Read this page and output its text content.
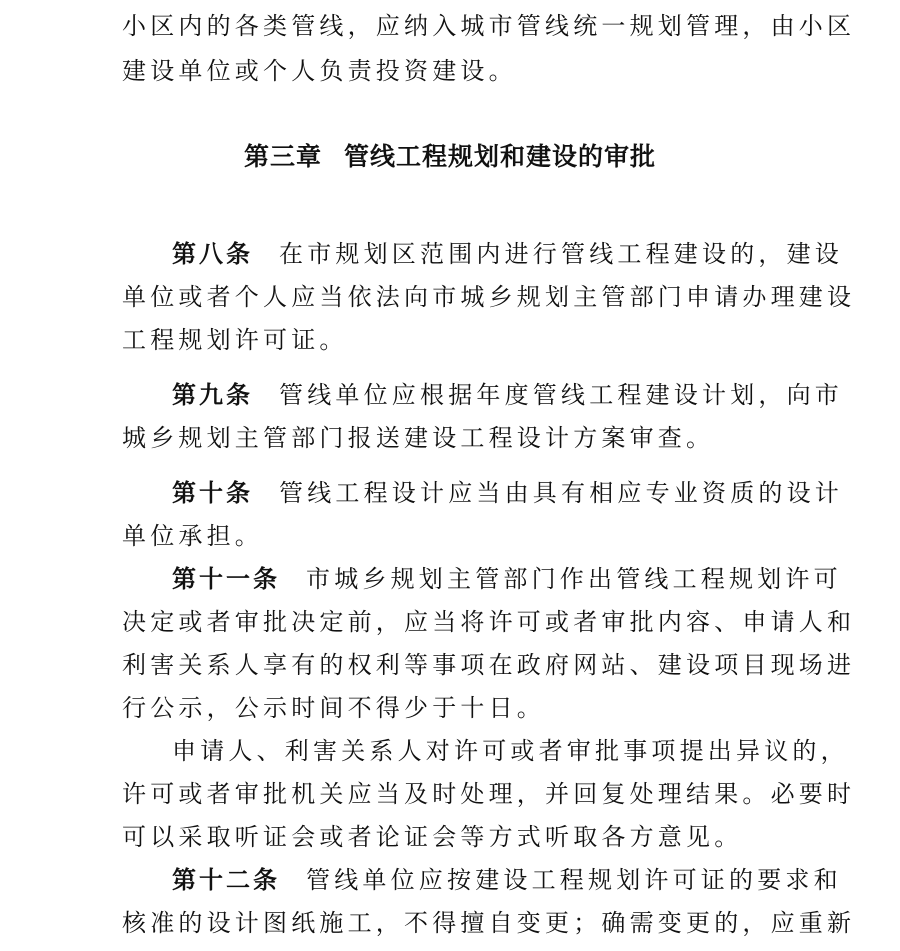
小区内的各类管线，应纳入城市管线统一规划管理，由小区
建设单位或个人负责投资建设。
第三章 管线工程规划和建设的审批
第八条 在市规划区范围内进行管线工程建设的，建设
单位或者个人应当依法向市城乡规划主管部门申请办理建设
工程规划许可证。
第九条 管线单位应根据年度管线工程建设计划，向市
城乡规划主管部门报送建设工程设计方案审查。
第十条 管线工程设计应当由具有相应专业资质的设计
单位承担。
第十一条 市城乡规划主管部门作出管线工程规划许可
决定或者审批决定前，应当将许可或者审批内容、申请人和
利害关系人享有的权利等事项在政府网站、建设项目现场进
行公示，公示时间不得少于十日。
申请人、利害关系人对许可或者审批事项提出异议的，
许可或者审批机关应当及时处理，并回复处理结果。必要时
可以采取听证会或者论证会等方式听取各方意见。
第十二条 管线单位应按建设工程规划许可证的要求和
核准的设计图纸施工，不得擅自变更；确需变更的，应重新
